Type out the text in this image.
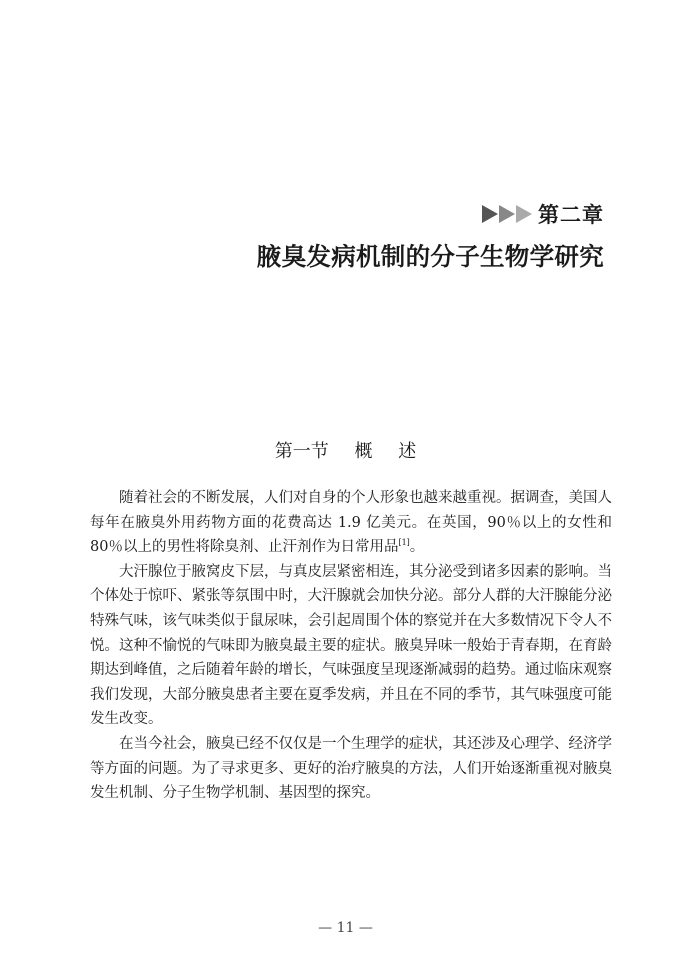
第二章
腋臭发病机制的分子生物学研究
第一节 概 述

随着社会的不断发展，人们对自身的个人形象也越来越重视。据调查，美国人每年在腋臭外用药物方面的花费高达 1.9 亿美元。在英国，90％以上的女性和 80％以上的男性将除臭剂、止汗剂作为日常用品[1]。

大汗腺位于腋窝皮下层，与真皮层紧密相连，其分泌受到诸多因素的影响。当个体处于惊吓、紧张等氛围中时，大汗腺就会加快分泌。部分人群的大汗腺能分泌特殊气味，该气味类似于鼠尿味，会引起周围个体的察觉并在大多数情况下令人不悦。这种不愉悦的气味即为腋臭最主要的症状。腋臭异味一般始于青春期，在育龄期达到峰值，之后随着年龄的增长，气味强度呈现逐渐减弱的趋势。通过临床观察我们发现，大部分腋臭患者主要在夏季发病，并且在不同的季节，其气味强度可能发生改变。

在当今社会，腋臭已经不仅仅是一个生理学的症状，其还涉及心理学、经济学等方面的问题。为了寻求更多、更好的治疗腋臭的方法，人们开始逐渐重视对腋臭发生机制、分子生物学机制、基因型的探究。

— 11 —
